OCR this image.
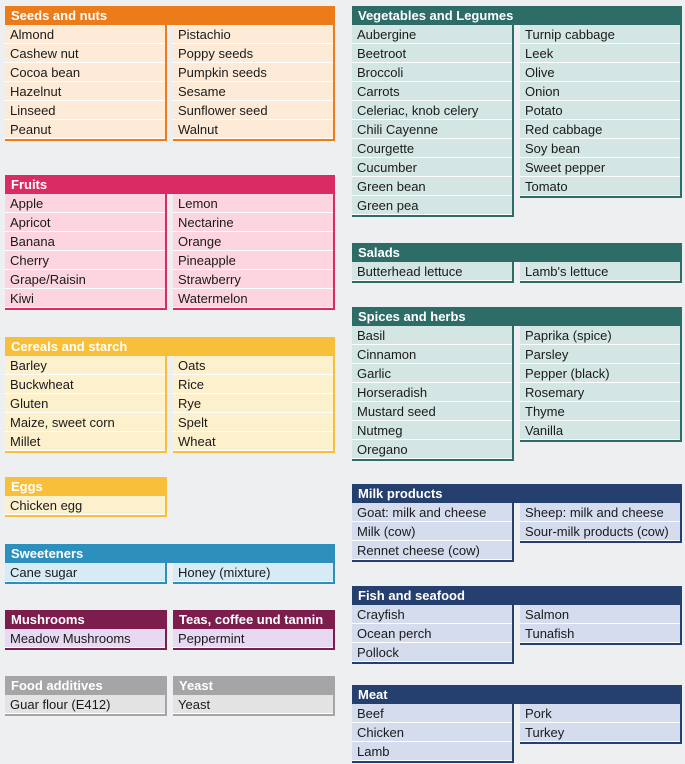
Seeds and nuts
Almond
Cashew nut
Cocoa bean
Hazelnut
Linseed
Peanut
Pistachio
Poppy seeds
Pumpkin seeds
Sesame
Sunflower seed
Walnut
Fruits
Apple
Apricot
Banana
Cherry
Grape/Raisin
Kiwi
Lemon
Nectarine
Orange
Pineapple
Strawberry
Watermelon
Cereals and starch
Barley
Buckwheat
Gluten
Maize, sweet corn
Millet
Oats
Rice
Rye
Spelt
Wheat
Eggs
Chicken egg
Sweeteners
Cane sugar	Honey (mixture)
Mushrooms
Meadow Mushrooms
Teas, coffee und tannin
Peppermint
Food additives
Guar flour (E412)
Yeast
Yeast
Vegetables and Legumes
Aubergine
Beetroot
Broccoli
Carrots
Celeriac, knob celery
Chili Cayenne
Courgette
Cucumber
Green bean
Green pea
Turnip cabbage
Leek
Olive
Onion
Potato
Red cabbage
Soy bean
Sweet pepper
Tomato
Salads
Butterhead lettuce	Lamb's lettuce
Spices and herbs
Basil
Cinnamon
Garlic
Horseradish
Mustard seed
Nutmeg
Oregano
Paprika (spice)
Parsley
Pepper (black)
Rosemary
Thyme
Vanilla
Milk products
Goat: milk and cheese
Milk (cow)
Rennet cheese (cow)
Sheep: milk and cheese
Sour-milk products (cow)
Fish and seafood
Crayfish
Ocean perch
Pollock
Salmon
Tunafish
Meat
Beef
Chicken
Lamb
Pork
Turkey
